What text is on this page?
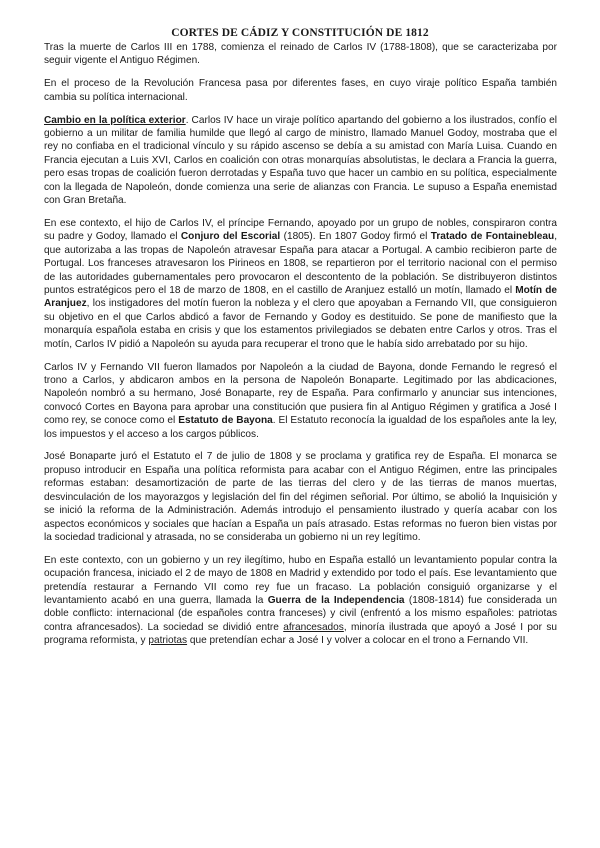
CORTES DE CÁDIZ Y CONSTITUCIÓN DE 1812

Tras la muerte de Carlos III en 1788, comienza el reinado de Carlos IV (1788-1808), que se caracterizaba por seguir vigente el Antiguo Régimen.

En el proceso de la Revolución Francesa pasa por diferentes fases, en cuyo viraje político España también cambia su política internacional.

Cambio en la política exterior. Carlos IV hace un viraje político apartando del gobierno a los ilustrados, confío el gobierno a un militar de familia humilde que llegó al cargo de ministro, llamado Manuel Godoy, mostraba que el rey no confiaba en el tradicional vínculo y su rápido ascenso se debía a su amistad con María Luisa. Cuando en Francia ejecutan a Luis XVI, Carlos en coalición con otras monarquías absolutistas, le declara a Francia la guerra, pero esas tropas de coalición fueron derrotadas y España tuvo que hacer un cambio en su política, especialmente con la llegada de Napoleón, donde comienza una serie de alianzas con Francia. Le supuso a España enemistad con Gran Bretaña.

En ese contexto, el hijo de Carlos IV, el príncipe Fernando, apoyado por un grupo de nobles, conspiraron contra su padre y Godoy, llamado el Conjuro del Escorial (1805). En 1807 Godoy firmó el Tratado de Fontainebleau, que autorizaba a las tropas de Napoleón atravesar España para atacar a Portugal. A cambio recibieron parte de Portugal. Los franceses atravesaron los Pirineos en 1808, se repartieron por el territorio nacional con el permiso de las autoridades gubernamentales pero provocaron el descontento de la población. Se distribuyeron distintos puntos estratégicos pero el 18 de marzo de 1808, en el castillo de Aranjuez estalló un motín, llamado el Motín de Aranjuez, los instigadores del motín fueron la nobleza y el clero que apoyaban a Fernando VII, que consiguieron su objetivo en el que Carlos abdicó a favor de Fernando y Godoy es destituido. Se pone de manifiesto que la monarquía española estaba en crisis y que los estamentos privilegiados se debaten entre Carlos y otros. Tras el motín, Carlos IV pidió a Napoleón su ayuda para recuperar el trono que le había sido arrebatado por su hijo.

Carlos IV y Fernando VII fueron llamados por Napoleón a la ciudad de Bayona, donde Fernando le regresó el trono a Carlos, y abdicaron ambos en la persona de Napoleón Bonaparte. Legitimado por las abdicaciones, Napoleón nombró a su hermano, José Bonaparte, rey de España. Para confirmarlo y anunciar sus intenciones, convocó Cortes en Bayona para aprobar una constitución que pusiera fin al Antiguo Régimen y gratifica a José I como rey, se conoce como el Estatuto de Bayona. El Estatuto reconocía la igualdad de los españoles ante la ley, los impuestos y el acceso a los cargos públicos.

José Bonaparte juró el Estatuto el 7 de julio de 1808 y se proclama y gratifica rey de España. El monarca se propuso introducir en España una política reformista para acabar con el Antiguo Régimen, entre las principales reformas estaban: desamortización de parte de las tierras del clero y de las tierras de manos muertas, desvinculación de los mayorazgos y legislación del fin del régimen señorial. Por último, se abolió la Inquisición y se inició la reforma de la Administración. Además introdujo el pensamiento ilustrado y quería acabar con los aspectos económicos y sociales que hacían a España un país atrasado. Estas reformas no fueron bien vistas por la sociedad tradicional y atrasada, no se consideraba un gobierno ni un rey legítimo.

En este contexto, con un gobierno y un rey ilegítimo, hubo en España estalló un levantamiento popular contra la ocupación francesa, iniciado el 2 de mayo de 1808 en Madrid y extendido por todo el país. Ese levantamiento que pretendía restaurar a Fernando VII como rey fue un fracaso. La población consiguió organizarse y el levantamiento acabó en una guerra, llamada la Guerra de la Independencia (1808-1814) fue considerada un doble conflicto: internacional (de españoles contra franceses) y civil (enfrentó a los mismo españoles: patriotas contra afrancesados). La sociedad se dividió entre afrancesados, minoría ilustrada que apoyó a José I por su programa reformista, y patriotas que pretendían echar a José I y volver a colocar en el trono a Fernando VII.
